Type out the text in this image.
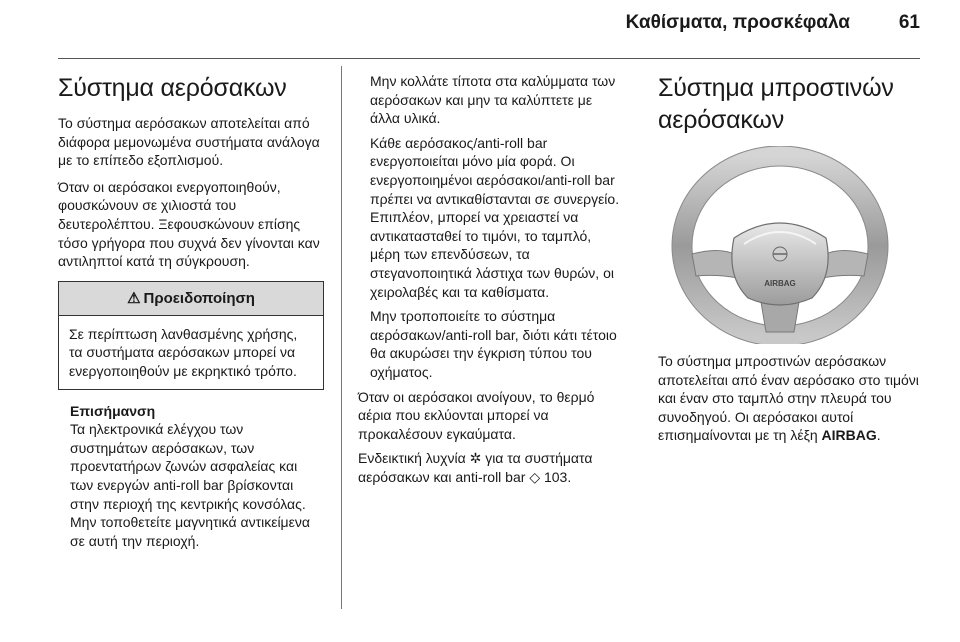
Καθίσματα, προσκέφαλα	61
Σύστημα αερόσακων

Το σύστημα αερόσακων αποτελείται από διάφορα μεμονωμένα συστήματα ανάλογα με το επίπεδο εξοπλισμού.

Όταν οι αερόσακοι ενεργοποιηθούν, φουσκώνουν σε χιλιοστά του δευτερολέπτου. Ξεφουσκώνουν επίσης τόσο γρήγορα που συχνά δεν γίνονται καν αντιληπτοί κατά τη σύγκρουση.

⚠ Προειδοποίηση

Σε περίπτωση λανθασμένης χρήσης, τα συστήματα αερόσακων μπορεί να ενεργοποιηθούν με εκρηκτικό τρόπο.

Επισήμανση

Τα ηλεκτρονικά ελέγχου των συστημάτων αερόσακων, των προεντατήρων ζωνών ασφαλείας και των ενεργών anti-roll bar βρίσκονται στην περιοχή της κεντρικής κονσόλας. Μην τοποθετείτε μαγνητικά αντικείμενα σε αυτή την περιοχή.

Μην κολλάτε τίποτα στα καλύμματα των αερόσακων και μην τα καλύπτετε με άλλα υλικά.

Κάθε αερόσακος/anti-roll bar ενεργοποιείται μόνο μία φορά. Οι ενεργοποιημένοι αερόσακοι/anti-roll bar πρέπει να αντικαθίστανται σε συνεργείο. Επιπλέον, μπορεί να χρειαστεί να αντικατασταθεί το τιμόνι, το ταμπλό, μέρη των επενδύσεων, τα στεγανοποιητικά λάστιχα των θυρών, οι χειρολαβές και τα καθίσματα.

Μην τροποποιείτε το σύστημα αερόσακων/anti-roll bar, διότι κάτι τέτοιο θα ακυρώσει την έγκριση τύπου του οχήματος.

Όταν οι αερόσακοι ανοίγουν, το θερμό αέρια που εκλύονται μπορεί να προκαλέσουν εγκαύματα.

Ενδεικτική λυχνία ✲ για τα συστήματα αερόσακων και anti-roll bar ◇ 103.

Σύστημα μπροστινών αερόσακων
AIRBAG

Το σύστημα μπροστινών αερόσακων αποτελείται από έναν αερόσακο στο τιμόνι και έναν στο ταμπλό στην πλευρά του συνοδηγού. Οι αερόσακοι αυτοί επισημαίνονται με τη λέξη AIRBAG.
